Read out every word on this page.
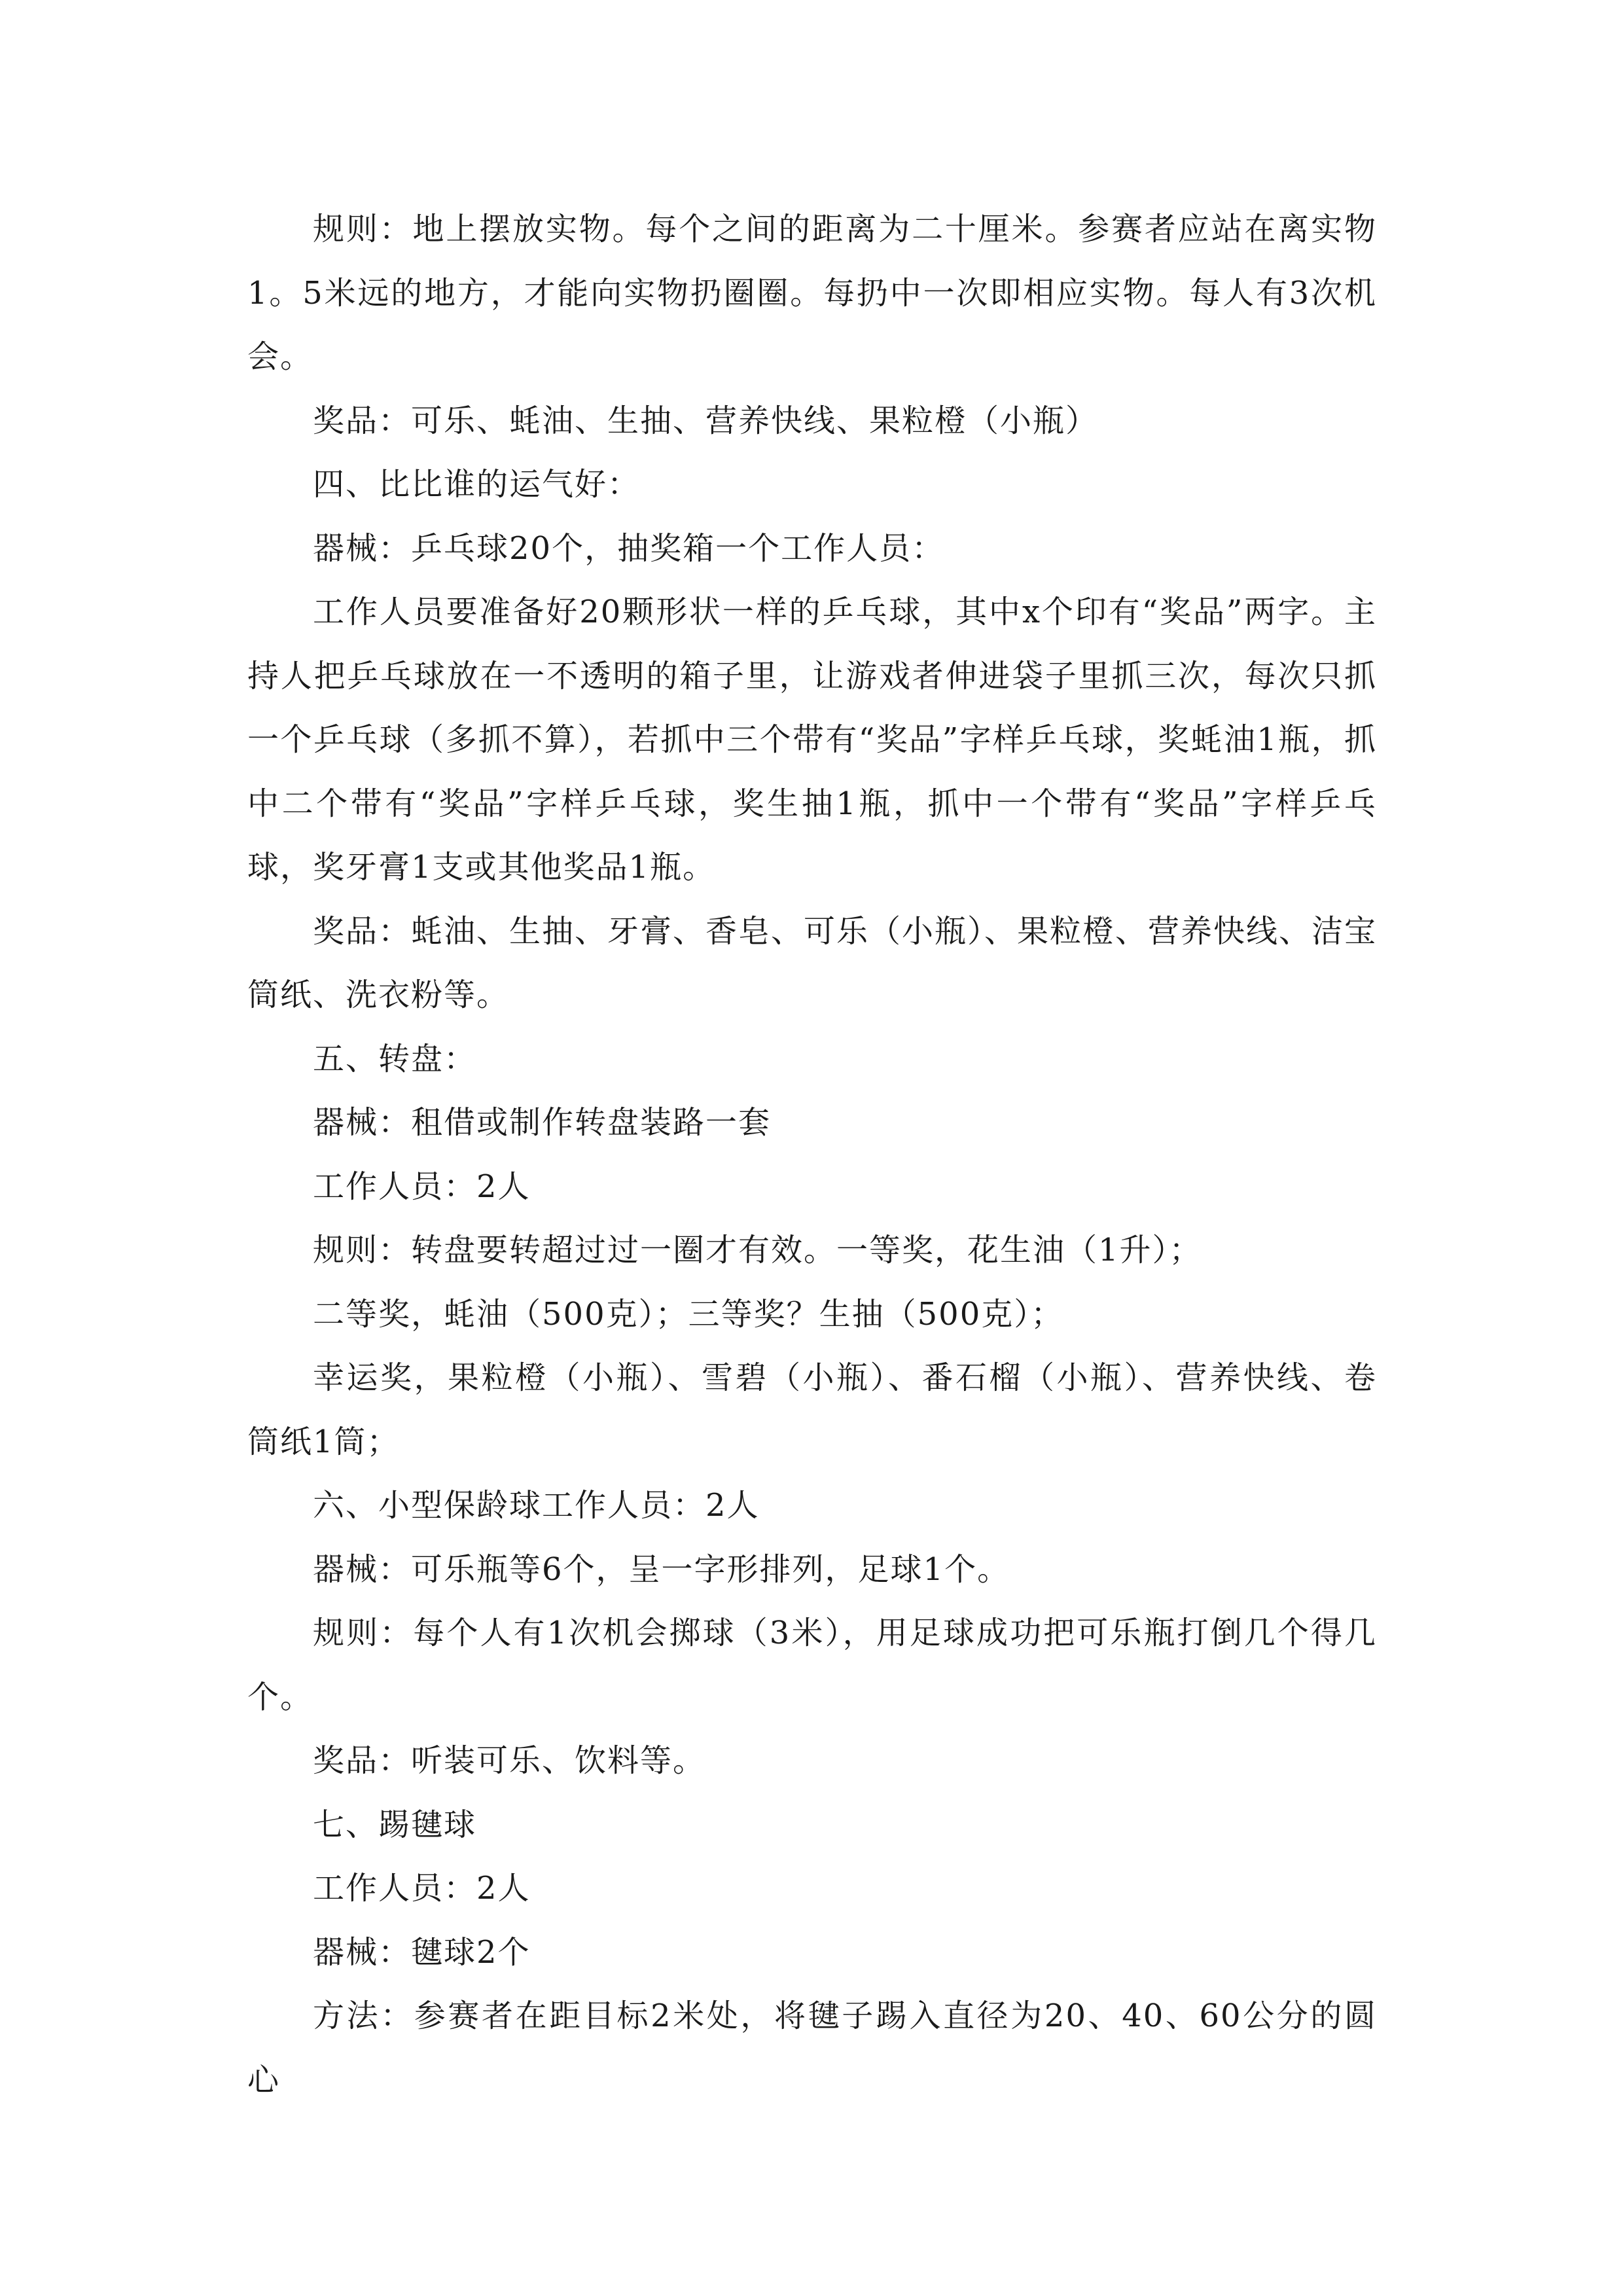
规则：地上摆放实物。每个之间的距离为二十厘米。参赛者应站在离实物1。5米远的地方，才能向实物扔圈圈。每扔中一次即相应实物。每人有3次机会。

奖品：可乐、蚝油、生抽、营养快线、果粒橙（小瓶）

四、比比谁的运气好：

器械：乒乓球20个，抽奖箱一个工作人员：

工作人员要准备好20颗形状一样的乒乓球，其中x个印有“奖品”两字。主持人把乒乓球放在一不透明的箱子里，让游戏者伸进袋子里抓三次，每次只抓一个乒乓球（多抓不算），若抓中三个带有“奖品”字样乒乓球，奖蚝油1瓶，抓中二个带有“奖品”字样乒乓球，奖生抽1瓶，抓中一个带有“奖品”字样乒乓球，奖牙膏1支或其他奖品1瓶。

奖品：蚝油、生抽、牙膏、香皂、可乐（小瓶）、果粒橙、营养快线、洁宝筒纸、洗衣粉等。

五、转盘：

器械：租借或制作转盘装路一套

工作人员：2人

规则：转盘要转超过过一圈才有效。一等奖，花生油（1升）；

二等奖，蚝油（500克）；三等奖？生抽（500克）；

幸运奖，果粒橙（小瓶）、雪碧（小瓶）、番石榴（小瓶）、营养快线、卷筒纸1筒；

六、小型保龄球工作人员：2人

器械：可乐瓶等6个，呈一字形排列，足球1个。

规则：每个人有1次机会掷球（3米），用足球成功把可乐瓶打倒几个得几个。

奖品：听装可乐、饮料等。

七、踢毽球

工作人员：2人

器械：毽球2个

方法：参赛者在距目标2米处，将毽子踢入直径为20、40、60公分的圆心
